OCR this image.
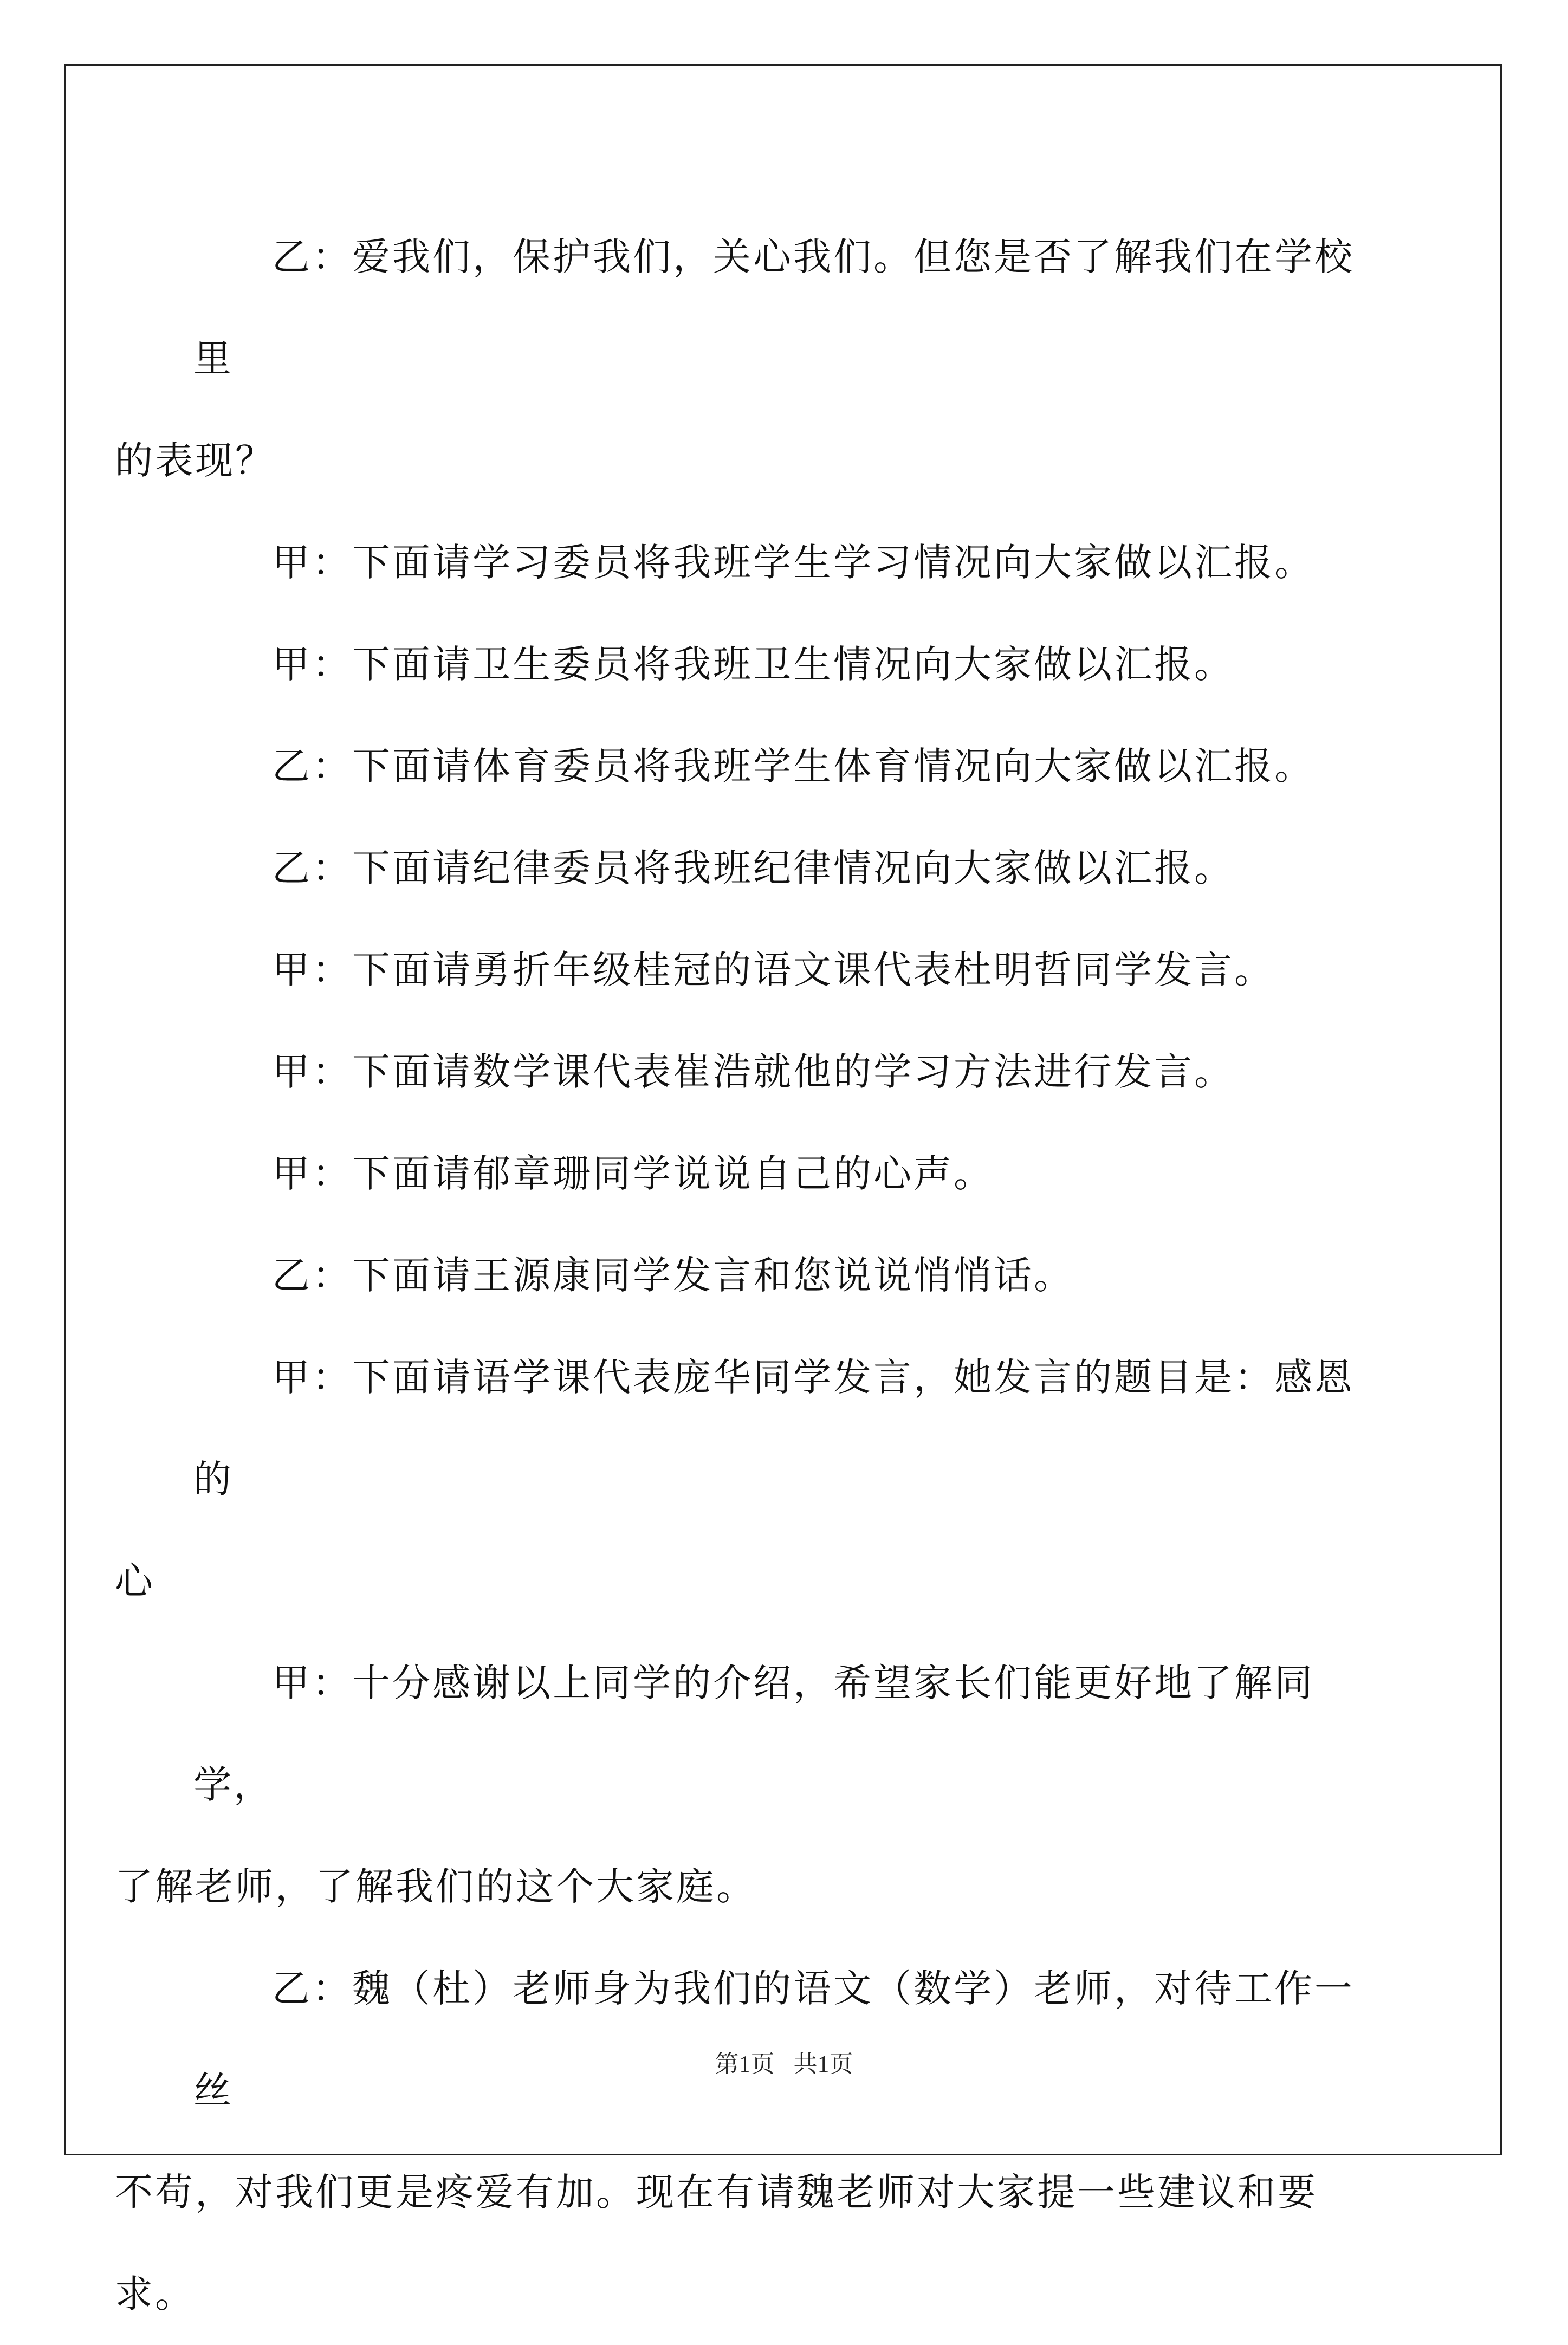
乙：爱我们，保护我们，关心我们。但您是否了解我们在学校里
的表现？

甲：下面请学习委员将我班学生学习情况向大家做以汇报。

甲：下面请卫生委员将我班卫生情况向大家做以汇报。

乙：下面请体育委员将我班学生体育情况向大家做以汇报。

乙：下面请纪律委员将我班纪律情况向大家做以汇报。

甲：下面请勇折年级桂冠的语文课代表杜明哲同学发言。

甲：下面请数学课代表崔浩就他的学习方法进行发言。

甲：下面请郁章珊同学说说自己的心声。

乙：下面请王源康同学发言和您说说悄悄话。

甲：下面请语学课代表庞华同学发言，她发言的题目是：感恩的
心

甲：十分感谢以上同学的介绍，希望家长们能更好地了解同学，
了解老师，了解我们的这个大家庭。

乙：魏（杜）老师身为我们的语文（数学）老师，对待工作一丝
不苟，对我们更是疼爱有加。现在有请魏老师对大家提一些建议和要
求。

第1页 共1页
